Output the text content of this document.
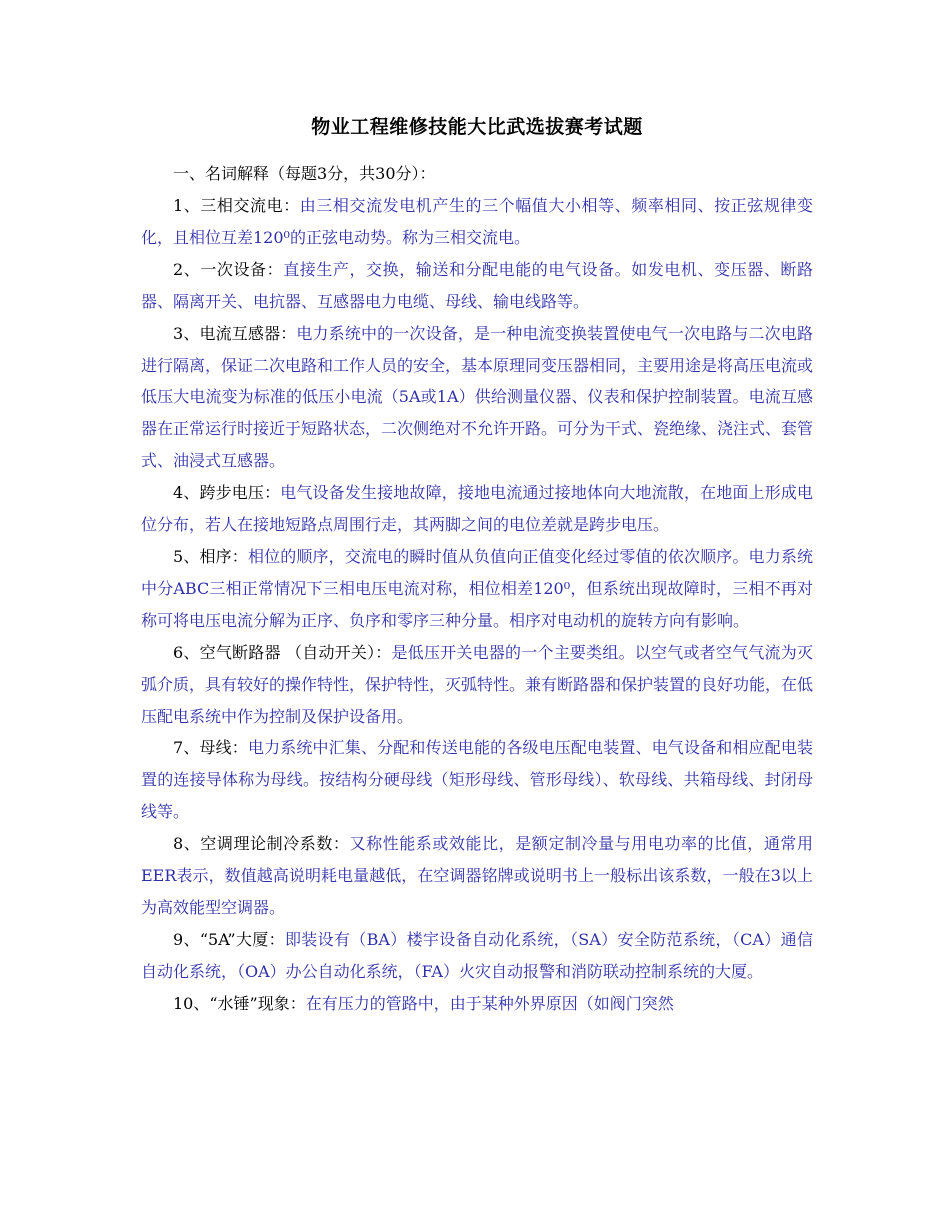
物业工程维修技能大比武选拔赛考试题

一、名词解释（每题3分，共30分）：

1、三相交流电：由三相交流发电机产生的三个幅值大小相等、频率相同、按正弦规律变化，且相位互差120⁰的正弦电动势。称为三相交流电。

2、一次设备：直接生产，交换，输送和分配电能的电气设备。如发电机、变压器、断路器、隔离开关、电抗器、互感器电力电缆、母线、输电线路等。

3、电流互感器：电力系统中的一次设备，是一种电流变换装置使电气一次电路与二次电路进行隔离，保证二次电路和工作人员的安全，基本原理同变压器相同，主要用途是将高压电流或低压大电流变为标准的低压小电流（5A或1A）供给测量仪器、仪表和保护控制装置。电流互感器在正常运行时接近于短路状态，二次侧绝对不允许开路。可分为干式、瓷绝缘、浇注式、套管式、油浸式互感器。

4、跨步电压：电气设备发生接地故障，接地电流通过接地体向大地流散，在地面上形成电位分布，若人在接地短路点周围行走，其两脚之间的电位差就是跨步电压。

5、相序：相位的顺序，交流电的瞬时值从负值向正值变化经过零值的依次顺序。电力系统中分ABC三相正常情况下三相电压电流对称，相位相差120⁰，但系统出现故障时，三相不再对称可将电压电流分解为正序、负序和零序三种分量。相序对电动机的旋转方向有影响。

6、空气断路器 （自动开关）：是低压开关电器的一个主要类组。以空气或者空气气流为灭弧介质，具有较好的操作特性，保护特性，灭弧特性。兼有断路器和保护装置的良好功能，在低压配电系统中作为控制及保护设备用。

7、母线：电力系统中汇集、分配和传送电能的各级电压配电装置、电气设备和相应配电装置的连接导体称为母线。按结构分硬母线（矩形母线、管形母线）、软母线、共箱母线、封闭母线等。

8、空调理论制冷系数：又称性能系或效能比，是额定制冷量与用电功率的比值，通常用EER表示，数值越高说明耗电量越低，在空调器铭牌或说明书上一般标出该系数，一般在3以上为高效能型空调器。

9、“5A”大厦：即装设有（BA）楼宇设备自动化系统，（SA）安全防范系统，（CA）通信自动化系统，（OA）办公自动化系统，（FA）火灾自动报警和消防联动控制系统的大厦。

10、“水锤”现象：在有压力的管路中，由于某种外界原因（如阀门突然
